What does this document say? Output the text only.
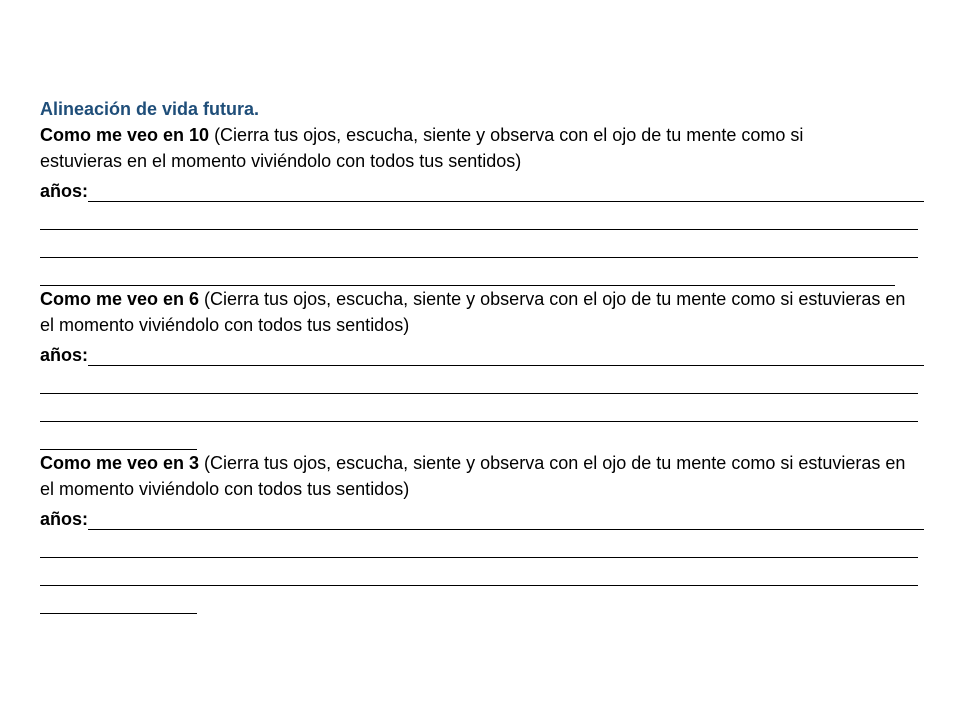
Alineación de vida futura.
Como me veo en 10 (Cierra tus ojos, escucha, siente y observa con el ojo de tu mente como si estuvieras en el momento viviéndolo con todos tus sentidos)
años:
Como me veo en 6 (Cierra tus ojos, escucha, siente y observa con el ojo de tu mente como si estuvieras en el momento viviéndolo con todos tus sentidos)
años:
Como me veo en 3 (Cierra tus ojos, escucha, siente y observa con el ojo de tu mente como si estuvieras en el momento viviéndolo con todos tus sentidos)
años:
